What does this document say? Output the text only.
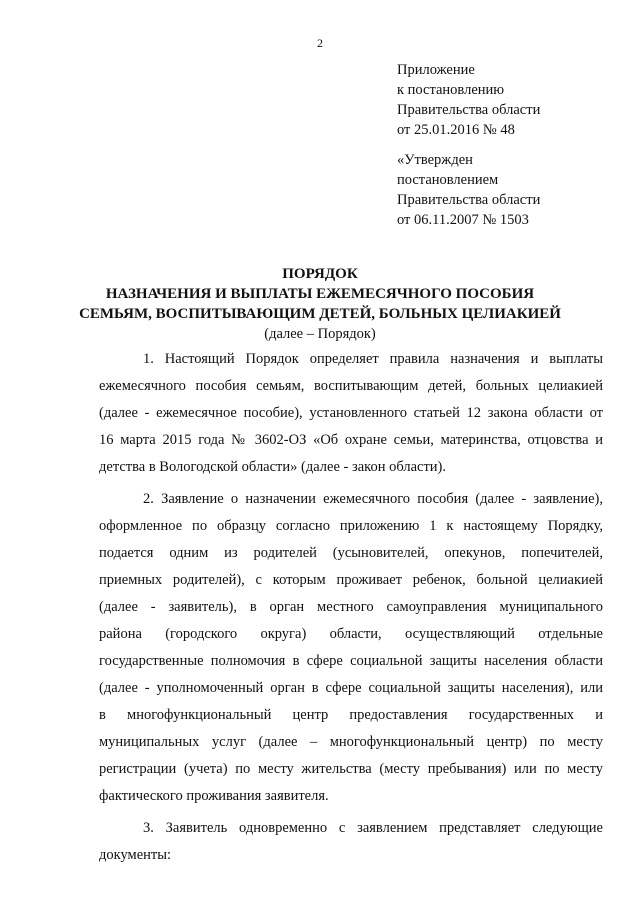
2
Приложение
к постановлению
Правительства области
от 25.01.2016 № 48
«Утвержден
постановлением
Правительства области
от 06.11.2007 № 1503
ПОРЯДОК
НАЗНАЧЕНИЯ И ВЫПЛАТЫ ЕЖЕМЕСЯЧНОГО ПОСОБИЯ
СЕМЬЯМ, ВОСПИТЫВАЮЩИМ ДЕТЕЙ, БОЛЬНЫХ ЦЕЛИАКИЕЙ
(далее – Порядок)
1. Настоящий Порядок определяет правила назначения и выплаты
ежемесячного пособия семьям, воспитывающим детей, больных целиакией
(далее - ежемесячное пособие), установленного статьей 12 закона области от
16 марта 2015 года № 3602-ОЗ «Об охране семьи, материнства, отцовства и
детства в Вологодской области» (далее - закон области).
2. Заявление о назначении ежемесячного пособия (далее - заявление),
оформленное по образцу согласно приложению 1 к настоящему Порядку,
подается одним из родителей (усыновителей, опекунов, попечителей,
приемных родителей), с которым проживает ребенок, больной целиакией
(далее - заявитель), в орган местного самоуправления муниципального
района (городского округа) области, осуществляющий отдельные
государственные полномочия в сфере социальной защиты населения области
(далее - уполномоченный орган в сфере социальной защиты населения), или
в многофункциональный центр предоставления государственных и
муниципальных услуг (далее – многофункциональный центр) по месту
регистрации (учета) по месту жительства (месту пребывания) или по месту
фактического проживания заявителя.
3. Заявитель одновременно с заявлением представляет следующие
документы:
